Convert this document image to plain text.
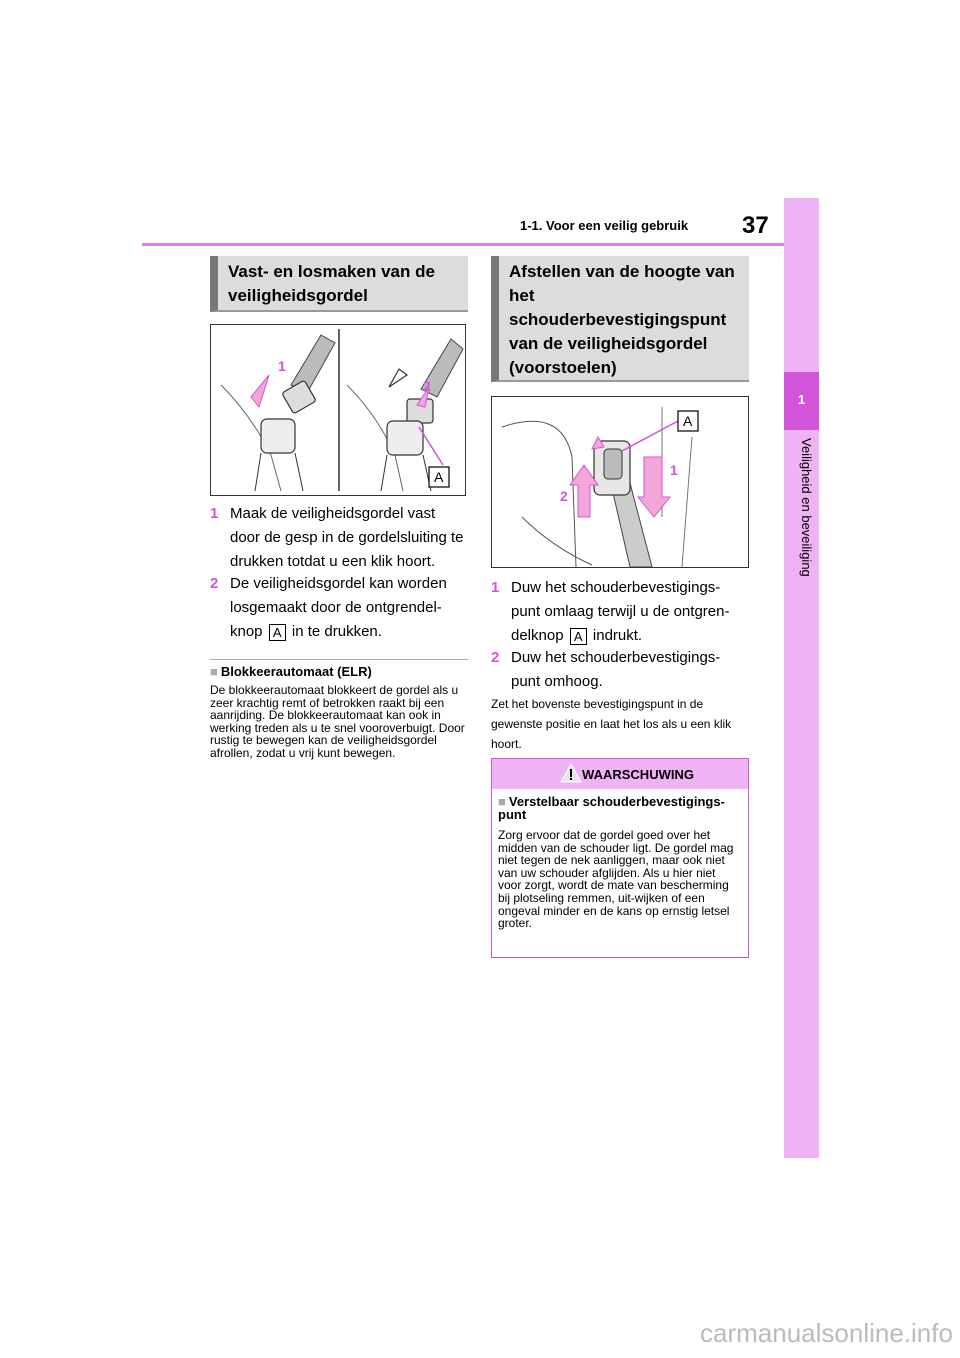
1
Veiligheid en beveiliging
1-1. Voor een veilig gebruik 37
Vast- en losmaken van de veiligheidsgordel
1
2
A
1 Maak de veiligheidsgordel vast door de gesp in de gordelsluiting te drukken totdat u een klik hoort.
2 De veiligheidsgordel kan worden losgemaakt door de ontgrendel-knop A in te drukken.
■ Blokkeerautomaat (ELR)
De blokkeerautomaat blokkeert de gordel als u zeer krachtig remt of betrokken raakt bij een aanrijding. De blokkeerautomaat kan ook in werking treden als u te snel vooroverbuigt. Door rustig te bewegen kan de veiligheidsgordel afrollen, zodat u vrij kunt bewegen.
Afstellen van de hoogte van het schouderbevestigingspunt van de veiligheidsgordel (voorstoelen)
A
1
2
1 Duw het schouderbevestigings-punt omlaag terwijl u de ontgren-delknop A indrukt.
2 Duw het schouderbevestigings-punt omhoog.
Zet het bovenste bevestigingspunt in de gewenste positie en laat het los als u een klik hoort.
WAARSCHUWING
■ Verstelbaar schouderbevestigings-punt
Zorg ervoor dat de gordel goed over het midden van de schouder ligt. De gordel mag niet tegen de nek aanliggen, maar ook niet van uw schouder afglijden. Als u hier niet voor zorgt, wordt de mate van bescherming bij plotseling remmen, uit-wijken of een ongeval minder en de kans op ernstig letsel groter.
carmanualsonline.info
